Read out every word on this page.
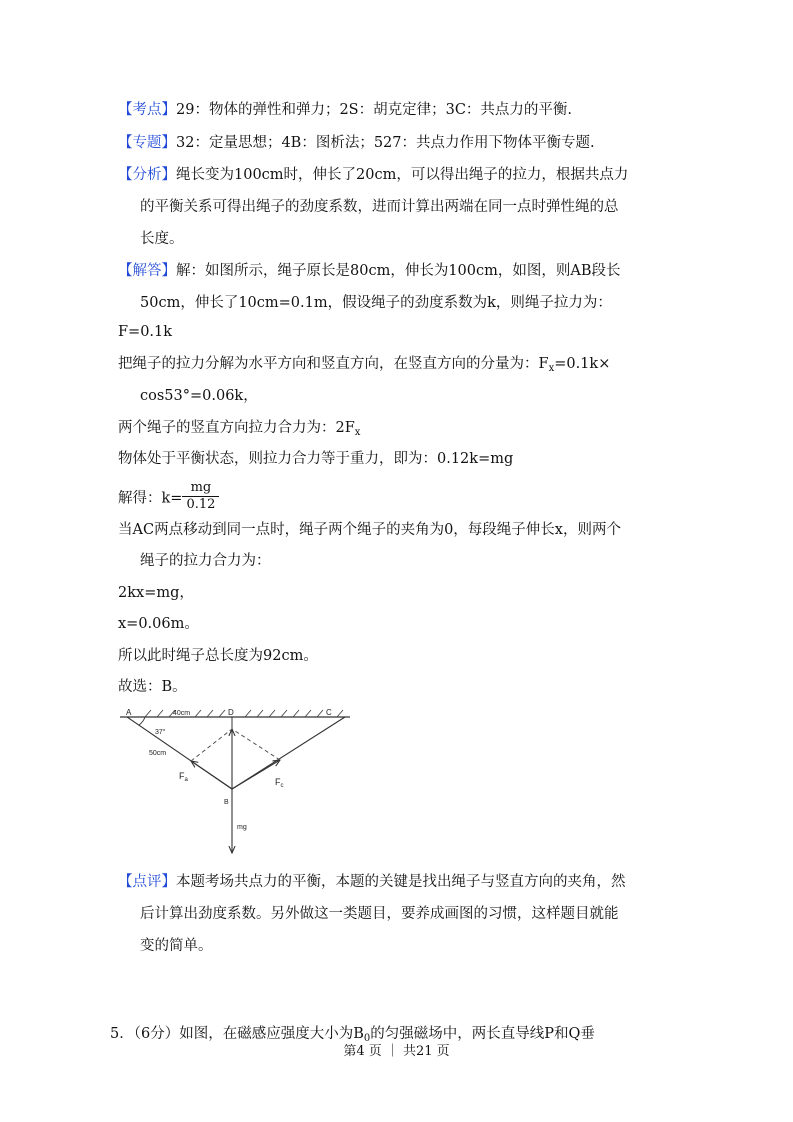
【考点】29：物体的弹性和弹力；2S：胡克定律；3C：共点力的平衡.
【专题】32：定量思想；4B：图析法；527：共点力作用下物体平衡专题.
【分析】绳长变为100cm时，伸长了20cm，可以得出绳子的拉力，根据共点力
的平衡关系可得出绳子的劲度系数，进而计算出两端在同一点时弹性绳的总
长度。
【解答】解：如图所示，绳子原长是80cm，伸长为100cm，如图，则AB段长
50cm，伸长了10cm=0.1m，假设绳子的劲度系数为k，则绳子拉力为：
F=0.1k
把绳子的拉力分解为水平方向和竖直方向，在竖直方向的分量为：$F_x=0.1k\times$
cos53°=0.06k，
两个绳子的竖直方向拉力合力为：$2F_x$
物体处于平衡状态，则拉力合力等于重力，即为：0.12k=mg
解得：$k= \frac{mg}{0.12}$
当AC两点移动到同一点时，绳子两个绳子的夹角为0，每段绳子伸长x，则两个
绳子的拉力合力为：
2kx=mg，
x=0.06m。
所以此时绳子总长度为92cm。
故选：B。
A	40cm	D	C
37°
50cm
$F_a$	$F_c$
B
mg
【点评】本题考场共点力的平衡，本题的关键是找出绳子与竖直方向的夹角，然
后计算出劲度系数。另外做这一类题目，要养成画图的习惯，这样题目就能
变的简单。
5．（6分）如图，在磁感应强度大小为$B_0$的匀强磁场中，两长直导线P和Q垂
第4 页 ｜ 共21 页
